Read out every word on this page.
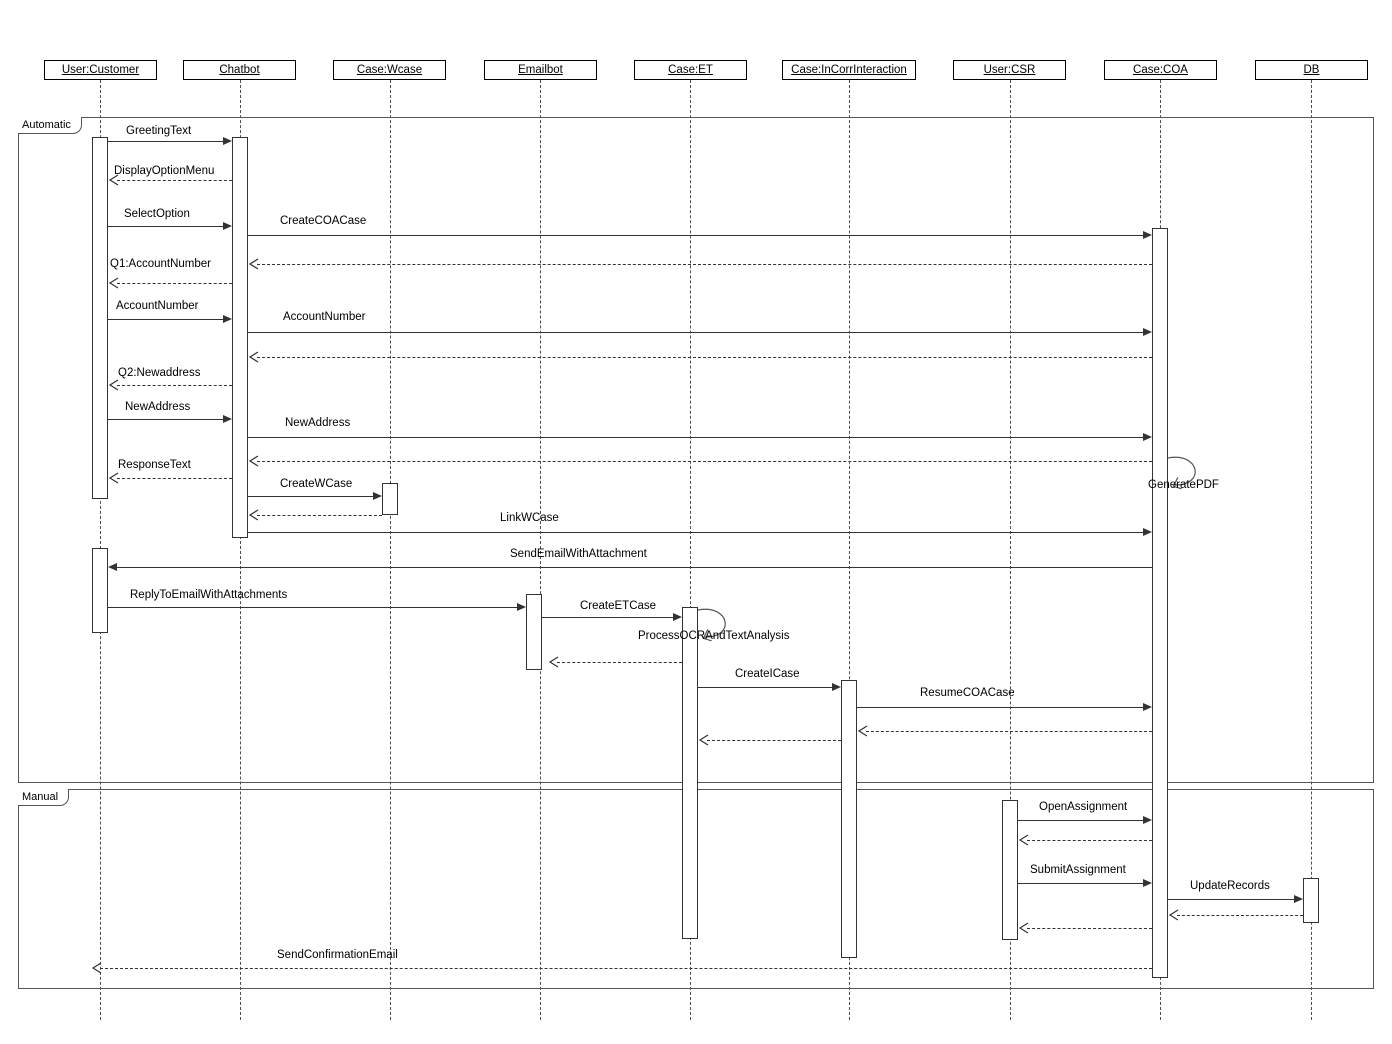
User:Customer	Chatbot	Case:Wcase	Emailbot	Case:ET	Case:InCorrInteraction	User:CSR	Case:COA	DB
Automatic
Manual
GreetingText
DisplayOptionMenu
SelectOption
CreateCOACase
Q1:AccountNumber
AccountNumber
AccountNumber
Q2:Newaddress
NewAddress
NewAddress
ResponseText
GeneratePDF
CreateWCase
LinkWCase
SendEmailWithAttachment
ReplyToEmailWithAttachments
CreateETCase
ProcessOCRAndTextAnalysis
CreateICase
ResumeCOACase
OpenAssignment
SubmitAssignment
UpdateRecords
SendConfirmationEmail
